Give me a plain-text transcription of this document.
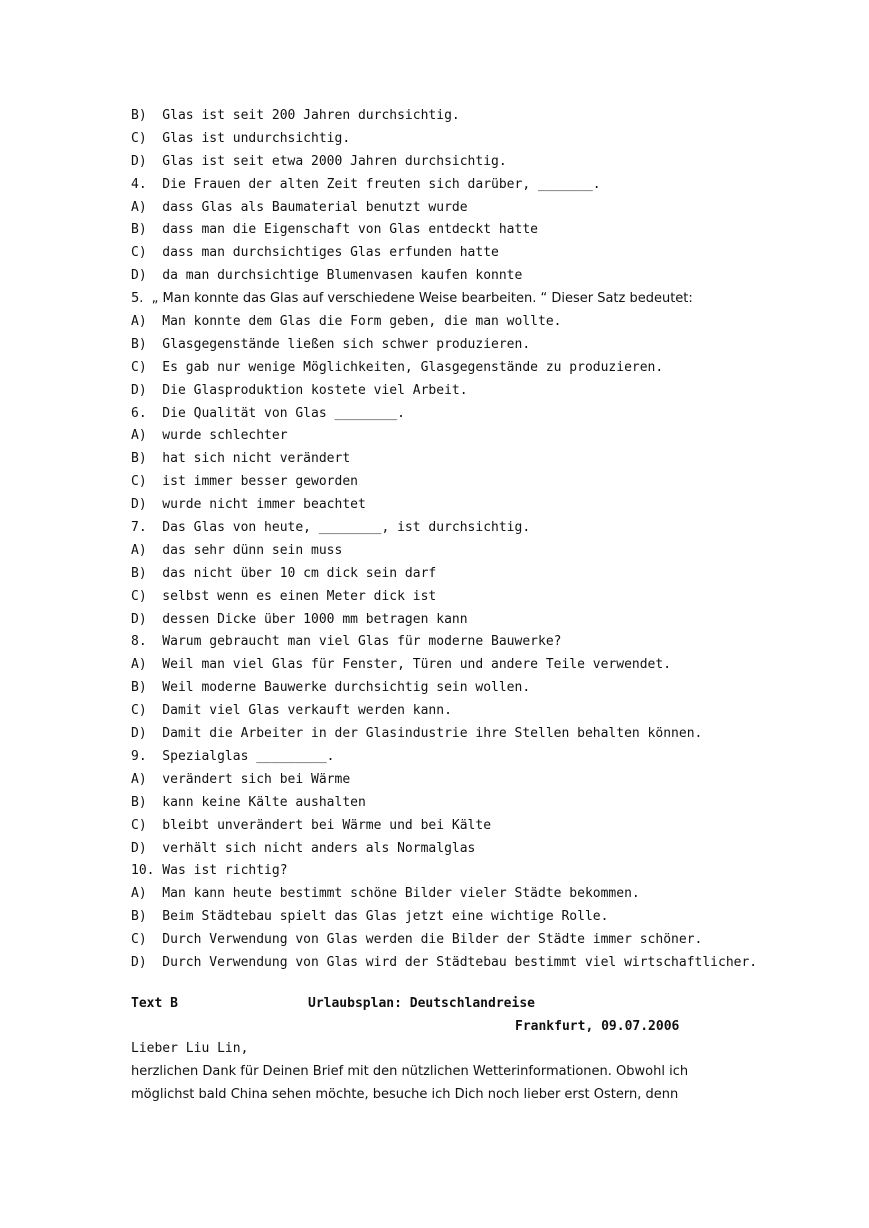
B)  Glas ist seit 200 Jahren durchsichtig.
C)  Glas ist undurchsichtig.
D)  Glas ist seit etwa 2000 Jahren durchsichtig.
4.  Die Frauen der alten Zeit freuten sich darüber, _______.
A)  dass Glas als Baumaterial benutzt wurde
B)  dass man die Eigenschaft von Glas entdeckt hatte
C)  dass man durchsichtiges Glas erfunden hatte
D)  da man durchsichtige Blumenvasen kaufen konnte
5.  „ Man konnte das Glas auf verschiedene Weise bearbeiten. “ Dieser Satz bedeutet:
A)  Man konnte dem Glas die Form geben, die man wollte.
B)  Glasgegenstände ließen sich schwer produzieren.
C)  Es gab nur wenige Möglichkeiten, Glasgegenstände zu produzieren.
D)  Die Glasproduktion kostete viel Arbeit.
6.  Die Qualität von Glas ________.
A)  wurde schlechter
B)  hat sich nicht verändert
C)  ist immer besser geworden
D)  wurde nicht immer beachtet
7.  Das Glas von heute, ________, ist durchsichtig.
A)  das sehr dünn sein muss
B)  das nicht über 10 cm dick sein darf
C)  selbst wenn es einen Meter dick ist
D)  dessen Dicke über 1000 mm betragen kann
8.  Warum gebraucht man viel Glas für moderne Bauwerke?
A)  Weil man viel Glas für Fenster, Türen und andere Teile verwendet.
B)  Weil moderne Bauwerke durchsichtig sein wollen.
C)  Damit viel Glas verkauft werden kann.
D)  Damit die Arbeiter in der Glasindustrie ihre Stellen behalten können.
9.  Spezialglas _________.
A)  verändert sich bei Wärme
B)  kann keine Kälte aushalten
C)  bleibt unverändert bei Wärme und bei Kälte
D)  verhält sich nicht anders als Normalglas
10. Was ist richtig?
A)  Man kann heute bestimmt schöne Bilder vieler Städte bekommen.
B)  Beim Städtebau spielt das Glas jetzt eine wichtige Rolle.
C)  Durch Verwendung von Glas werden die Bilder der Städte immer schöner.
D)  Durch Verwendung von Glas wird der Städtebau bestimmt viel wirtschaftlicher.

Text B

	Urlaubsplan: Deutschlandreise

Frankfurt, 09.07.2006
Lieber Liu Lin,
herzlichen Dank für Deinen Brief mit den nützlichen Wetterinformationen. Obwohl ich
möglichst bald China sehen möchte, besuche ich Dich noch lieber erst Ostern, denn
